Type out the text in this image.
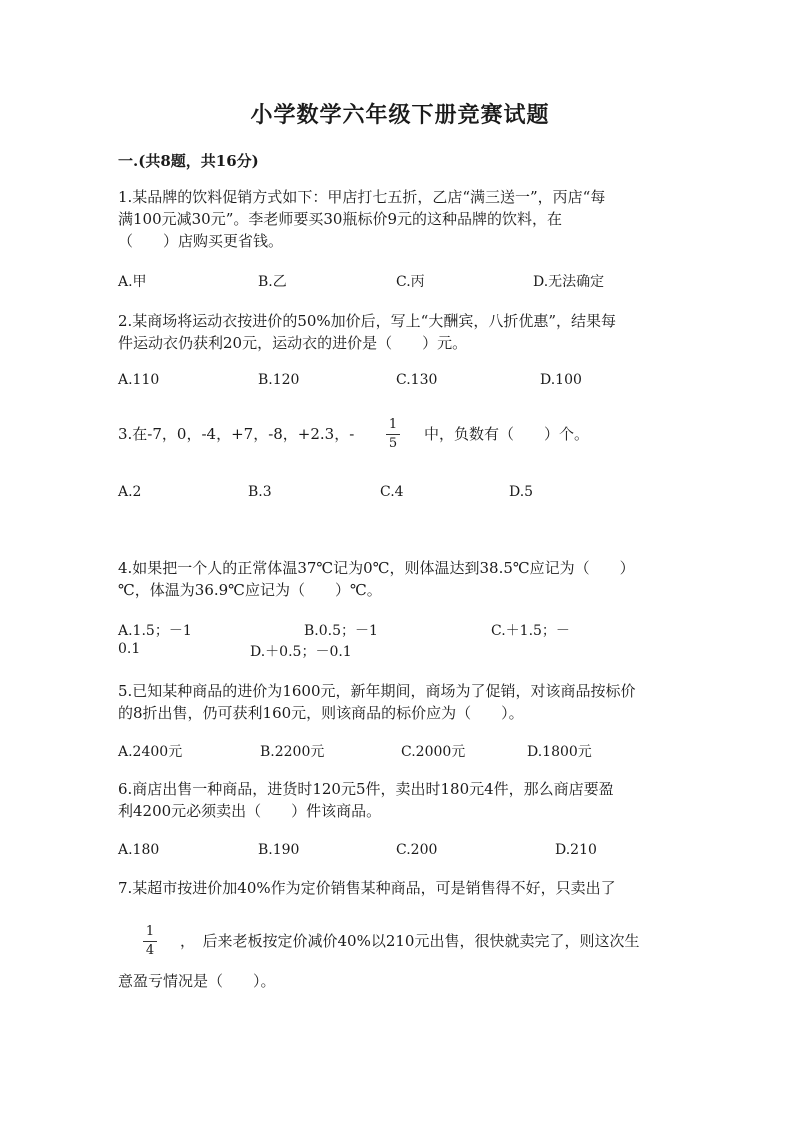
小学数学六年级下册竞赛试题
一.(共8题，共16分)
1.某品牌的饮料促销方式如下：甲店打七五折，乙店“满三送一”，丙店“每
满100元减30元”。李老师要买30瓶标价9元的这种品牌的饮料，在
（　　）店购买更省钱。
A.甲	B.乙	C.丙	D.无法确定
2.某商场将运动衣按进价的50%加价后，写上“大酬宾，八折优惠”，结果每
件运动衣仍获利20元，运动衣的进价是（　　）元。
A.110	B.120	C.130	D.100
3.在-7，0，-4，+7，-8，+2.3，-
1
5
中，负数有（　　）个。
A.2	B.3	C.4	D.5
4.如果把一个人的正常体温37℃记为0℃，则体温达到38.5℃应记为（　　）
℃，体温为36.9℃应记为（　　）℃。
A.1.5；－1	B.0.5；－1	C.＋1.5；－
0.1	D.＋0.5；－0.1
5.已知某种商品的进价为1600元，新年期间，商场为了促销，对该商品按标价
的8折出售，仍可获利160元，则该商品的标价应为（　　）。
A.2400元	B.2200元	C.2000元	D.1800元
6.商店出售一种商品，进货时120元5件，卖出时180元4件，那么商店要盈
利4200元必须卖出（　　）件该商品。
A.180	B.190	C.200	D.210
7.某超市按进价加40%作为定价销售某种商品，可是销售得不好，只卖出了
1
4
，　后来老板按定价减价40%以210元出售，很快就卖完了，则这次生
意盈亏情况是（　　）。
